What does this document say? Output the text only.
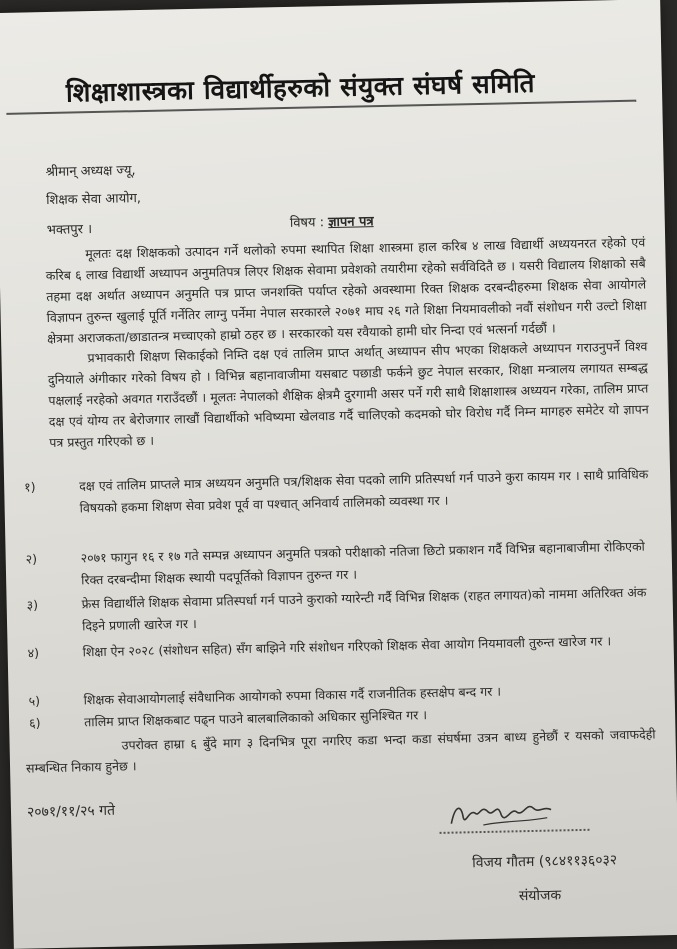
शिक्षाशास्त्रका विद्यार्थीहरुको संयुक्त संघर्ष समिति
श्रीमान् अध्यक्ष ज्यू,
शिक्षक सेवा आयोग,
भक्तपुर ।	विषय : ज्ञापन पत्र
मूलतः दक्ष शिक्षकको उत्पादन गर्ने थलोको रुपमा स्थापित शिक्षा शास्त्रमा हाल करिब ४ लाख विद्यार्थी अध्ययनरत रहेको एवं करिब ६ लाख विद्यार्थी अध्यापन अनुमतिपत्र लिएर शिक्षक सेवामा प्रवेशको तयारीमा रहेको सर्वविदितै छ । यसरी विद्यालय शिक्षाको सबै तहमा दक्ष अर्थात अध्यापन अनुमति पत्र प्राप्त जनशक्ति पर्याप्त रहेको अवस्थामा रिक्त शिक्षक दरबन्दीहरुमा शिक्षक सेवा आयोगले विज्ञापन तुरुन्त खुलाई पूर्ति गर्नेतिर लाग्नु पर्नेमा नेपाल सरकारले २०७१ माघ २६ गते शिक्षा नियमावलीको नवौं संशोधन गरी उल्टो शिक्षा क्षेत्रमा अराजकता/छाडातन्त्र मच्चाएको हाम्रो ठहर छ । सरकारको यस रवैयाको हामी घोर निन्दा एवं भत्सर्ना गर्दछौं ।
प्रभावकारी शिक्षण सिकाईको निम्ति दक्ष एवं तालिम प्राप्त अर्थात् अध्यापन सीप भएका शिक्षकले अध्यापन गराउनुपर्ने विश्व दुनियाले अंगीकार गरेको विषय हो । विभिन्न बहानावाजीमा यसबाट पछाडी फर्कने छुट नेपाल सरकार, शिक्षा मन्त्रालय लगायत सम्बद्ध पक्षलाई नरहेको अवगत गराउँदछौं । मूलतः नेपालको शैक्षिक क्षेत्रमै दुरगामी असर पर्ने गरी साथै शिक्षाशास्त्र अध्ययन गरेका, तालिम प्राप्त दक्ष एवं योग्य तर बेरोजगार लाखौं विद्यार्थीको भविष्यमा खेलवाड गर्दै चालिएको कदमको घोर विरोध गर्दै निम्न मागहरु समेटेर यो ज्ञापन पत्र प्रस्तुत गरिएको छ ।
१)	दक्ष एवं तालिम प्राप्तले मात्र अध्ययन अनुमति पत्र/शिक्षक सेवा पदको लागि प्रतिस्पर्धा गर्न पाउने कुरा कायम गर । साथै प्राविधिक विषयको हकमा शिक्षण सेवा प्रवेश पूर्व वा पश्चात् अनिवार्य तालिमको व्यवस्था गर ।
२)	२०७१ फागुन १६ र १७ गते सम्पन्न अध्यापन अनुमति पत्रको परीक्षाको नतिजा छिटो प्रकाशन गर्दै विभिन्न बहानाबाजीमा रोकिएको रिक्त दरबन्दीमा शिक्षक स्थायी पदपूर्तिको विज्ञापन तुरुन्त गर ।
३)	फ्रेस विद्यार्थीले शिक्षक सेवामा प्रतिस्पर्धा गर्न पाउने कुराको ग्यारेन्टी गर्दै विभिन्न शिक्षक (राहत लगायत)को नाममा अतिरिक्त अंक दिइने प्रणाली खारेज गर ।
४)	शिक्षा ऐन २०२८ (संशोधन सहित) सँग बाझिने गरि संशोधन गरिएको शिक्षक सेवा आयोग नियमावली तुरुन्त खारेज गर ।
५)	शिक्षक सेवाआयोगलाई संवैधानिक आयोगको रुपमा विकास गर्दै राजनीतिक हस्तक्षेप बन्द गर ।
६)	तालिम प्राप्त शिक्षकबाट पढ्न पाउने बालबालिकाको अधिकार सुनिश्चित गर ।
उपरोक्त हाम्रा ६ बुँदे माग ३ दिनभित्र पूरा नगरिए कडा भन्दा कडा संघर्षमा उत्रन बाध्य हुनेछौं र यसको जवाफदेही सम्बन्धित निकाय हुनेछ ।
२०७१/११/२५ गते
विजय गौतम (९८४११३६०३२
संयोजक
